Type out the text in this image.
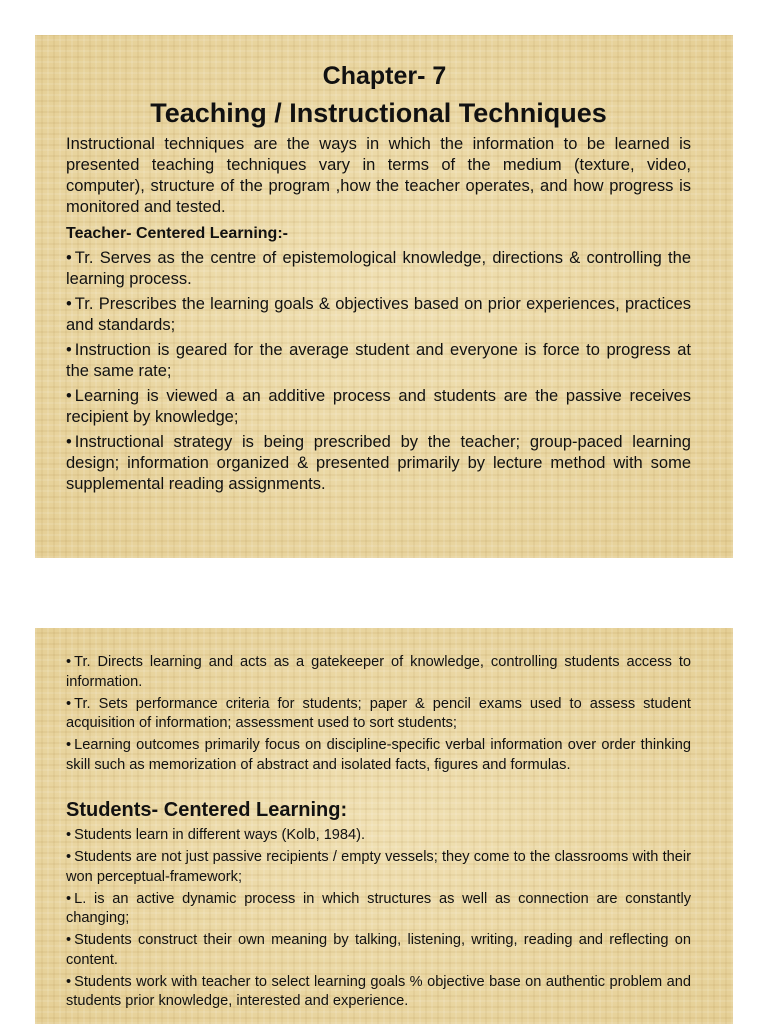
Chapter- 7
Teaching / Instructional Techniques

Instructional techniques are the ways in which the information to be learned is presented teaching techniques vary in terms of the medium (texture, video, computer), structure of the program ,how the teacher operates, and how progress is monitored and tested.

Teacher- Centered Learning:-

• Tr. Serves as the centre of epistemological knowledge, directions & controlling the learning process.

• Tr. Prescribes the learning goals & objectives based on prior experiences, practices and standards;

• Instruction is geared for the average student and everyone is force to progress at the same rate;

• Learning is viewed a an additive process and students are the passive receives recipient by knowledge;

• Instructional strategy is being prescribed by the teacher; group-paced learning design; information organized & presented primarily by lecture method with some supplemental reading assignments.

• Tr. Directs learning and acts as a gatekeeper of knowledge, controlling students access to information.

• Tr. Sets performance criteria for students; paper & pencil exams used to assess student acquisition of information; assessment used to sort students;

• Learning outcomes primarily focus on discipline-specific verbal information over order thinking skill such as memorization of abstract and isolated facts, figures and formulas.

Students- Centered Learning:

• Students learn in different ways (Kolb, 1984).

• Students are not just passive recipients / empty vessels; they come to the classrooms with their won perceptual-framework;

• L. is an active dynamic process in which structures as well as connection are constantly changing;

• Students construct their own meaning by talking, listening, writing, reading and reflecting on content.

• Students work with teacher to select learning goals % objective base on authentic problem and students prior knowledge, interested and experience.
